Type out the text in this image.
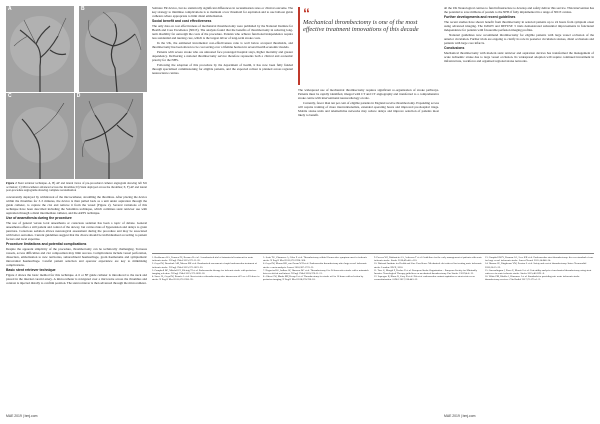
A
	B

C
	D
Figure 2 Stent retriever technique. A, B) AP and lateral views of pre-procedural catheter angiogram showing left M1 occlusion; C) Microcatheter advanced across the thrombus; D) Stent deployed across the thrombus; E, F) AP and lateral post-procedure angiograms showing complete recanalisation

concurrently deployed by withdrawal of the microcatheter, straddling the thrombus. After placing the device within the thrombus for 3–5 minutes, the device is then pulled back as a unit under aspiration through the guide catheter, to capture the clot and remove it from the vessel (Figure 2). Several variations of this technique have been described including the Solumbra technique, which combines stent retriever use with aspiration through a distal intermediate catheter, and the ARTS technique.

Use of anaesthesia during the procedure

The use of general versus local anaesthesia or conscious sedation has been a topic of debate. General anaesthesia offers a still patient and control of the airway, but carries risks of hypotension and delays to groin puncture. Conscious sedation allows neurological assessment during the procedure and may be associated with better outcomes. Current guidelines suggest that the choice should be individualised according to patient factors and local expertise.

Procedure limitations and potential complications

Despite the apparent simplicity of the procedure, thrombectomy can be technically challenging. Tortuous vessels, access difficulties and clot composition may limit success. Complications include vessel perforation, dissection, embolisation to new territories, subarachnoid haemorrhage, groin haematoma and symptomatic intracranial haemorrhage. Careful patient selection and operator experience are key to minimising complications.

Basic stent retriever technique

Figure 2 shows the basic method for this technique. A 6 or 8F guide catheter is introduced to the neck and placed in the internal carotid artery. A microcatheter is navigated over a microwire across the thrombus and contrast is injected distally to confirm position. The stent retriever is then advanced through the microcatheter.

Solitaire FR device, but no statistically significant differences in recanalisation rates or clinical outcome. The key strategy to minimise complications is to maintain a low threshold for aspiration and to use balloon guide catheters where appropriate to limit distal embolisation.

Social benefit and cost effectiveness

The only data on cost effectiveness of mechanical thrombectomy were published by the National Institute for Health and Care Excellence (NICE). The analysis found that the benefits of thrombectomy in reducing long-term disability far outweigh the costs of the procedure. Patients who achieve functional independence require less residential and nursing care, which is the largest driver of long-term stroke costs.

In the UK, the estimated incremental cost-effectiveness ratio is well below accepted thresholds, and thrombectomy has been shown to be cost saving over a lifetime horizon in several health economic models.

Patients with severe stroke who are untreated face prolonged hospital stays, higher mortality and greater dependency. Delivering a national thrombectomy service therefore represents both a clinical and economic priority for the NHS.

Following the adoption of this procedure by the department of health, it has now been fully funded through specialised commissioning for eligible patients, and the expected rollout is planned across regional neuroscience centres.

“
Mechanical thrombectomy is one of the most effective treatment innovations of this decade

The widespread use of mechanical thrombectomy requires significant re-organisation of stroke pathways. Patients must be rapidly identified, imaged with CT and CT angiography and transferred to a comprehensive stroke centre with interventional neuroradiology on site.

Currently, fewer than ten per cent of eligible patients in England receive thrombectomy. Expanding access will require training of more interventionalists, extended operating hours and improved pre-hospital triage. Mobile stroke units and telemedicine networks may reduce delays and improve selection of patients most likely to benefit.

all the UK Neurological centres to fund infrastructure to develop and safely deliver this service. This intervention has the potential to save millions of pounds to the NHS if fully implemented in a range of NICE centres.

Further developments and recent guidelines

The recent studies have shown benefit from thrombectomy in selected patients up to 24 hours from symptom onset using advanced imaging. The DAWN and DEFUSE 3 trials demonstrated substantial improvements in functional independence for patients with favourable perfusion imaging profiles.

National guidelines now recommend thrombectomy for eligible patients with large vessel occlusion of the anterior circulation. Further trials are ongoing to clarify its role in posterior circulation strokes, distal occlusions and patients with large core infarcts.

Conclusions

Mechanical thrombectomy with modern stent retriever and aspiration devices has transformed the management of acute ischaemic stroke due to large vessel occlusion. Its widespread adoption will require continued investment in infrastructure, workforce and organised regional stroke networks.

1. Berkhemer OA, Fransen PS, Beumer D et al. A randomized trial of intraarterial treatment for acute ischemic stroke. N Engl J Med 2015;372:11–20.
2. Goyal M, Demchuk AM, Menon BK et al. Randomized assessment of rapid endovascular treatment of ischemic stroke. N Engl J Med 2015;372:1019–30.
3. Campbell BC, Mitchell PJ, Kleinig TJ et al. Endovascular therapy for ischemic stroke with perfusion-imaging selection. N Engl J Med 2015;372:1009–18.
4. Saver JL, Goyal M, Bonafe A et al. Stent-retriever thrombectomy after intravenous t-PA vs. t-PA alone in stroke. N Engl J Med 2015;372:2285–95.
5. Jovin TG, Chamorro A, Cobo E et al. Thrombectomy within 8 hours after symptom onset in ischemic stroke. N Engl J Med 2015;372:2296–306.
6. Goyal M, Menon BK, van Zwam WH et al. Endovascular thrombectomy after large-vessel ischaemic stroke: a meta-analysis. Lancet 2016;387:1723–31.
7. Nogueira RG, Jadhav AP, Haussen DC et al. Thrombectomy 6 to 24 hours after stroke with a mismatch between deficit and infarct. N Engl J Med 2018;378:11–21.
8. Albers GW, Marks MP, Kemp S et al. Thrombectomy for stroke at 6 to 16 hours with selection by perfusion imaging. N Engl J Med 2018;378:708–18.
9. Powers WJ, Rabinstein AA, Ackerson T et al. Guidelines for the early management of patients with acute ischemic stroke. Stroke 2018;49:e46–e110.
10. National Institute for Health and Care Excellence. Mechanical clot retrieval for treating acute ischaemic stroke. London: NICE, 2016.
11. Turc G, Bhogal P, Fischer U et al. European Stroke Organisation – European Society for Minimally Invasive Neurological Therapy guidelines on mechanical thrombectomy. Eur Stroke J 2019;4:6–12.
12. Lapergue B, Blanc R, Gory B et al. Effect of endovascular contact aspiration vs stent retriever on revascularization. JAMA 2017;318:443–52.
13. Campbell BCV, Donnan GA, Lees KR et al. Endovascular stent thrombectomy: the new standard of care for large vessel ischaemic stroke. Lancet Neurol 2015;14:846–54.
14. Hassan AE, Ringheanu VM, Preston L et al. Safety and cost of thrombectomy. Interv Neuroradiol 2020;26:15–22.
15. Ganesalingam J, Pizzo E, Morris S et al. Cost-utility analysis of mechanical thrombectomy using stent retrievers in acute ischemic stroke. Stroke 2015;46:2591–8.
16. White PM, Bhalla A, Dinsmore J et al. Standards for providing safe acute ischaemic stroke thrombectomy services. Clin Radiol 2017;72:175.e1–9.
MAE 2019 | bmj.com	MAE 2019 | bmj.com
